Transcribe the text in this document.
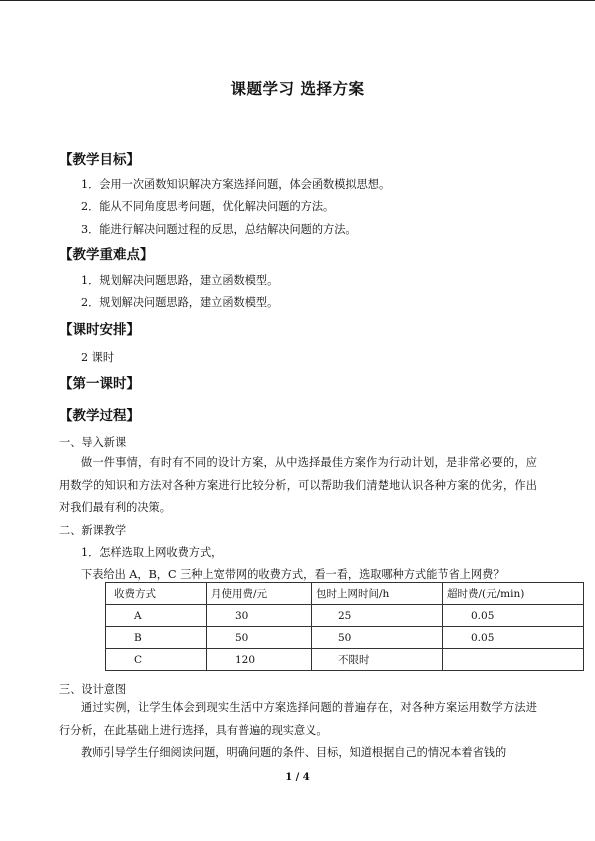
课题学习 选择方案
【教学目标】
1．会用一次函数知识解决方案选择问题，体会函数模拟思想。
2．能从不同角度思考问题，优化解决问题的方法。
3．能进行解决问题过程的反思，总结解决问题的方法。
【教学重难点】
1．规划解决问题思路，建立函数模型。
2．规划解决问题思路，建立函数模型。
【课时安排】
2 课时
【第一课时】
【教学过程】
一、导入新课
做一件事情，有时有不同的设计方案，从中选择最佳方案作为行动计划，是非常必要的，应用数学的知识和方法对各种方案进行比较分析，可以帮助我们清楚地认识各种方案的优劣，作出对我们最有利的决策。
二、新课教学
1．怎样选取上网收费方式，
下表给出 A，B，C 三种上宽带网的收费方式，看一看，选取哪种方式能节省上网费？
收费方式	月使用费/元	包时上网时间/h	超时费/(元/min)
A	30	25	0.05
B	50	50	0.05
C	120	不限时	
三、设计意图
通过实例，让学生体会到现实生活中方案选择问题的普遍存在，对各种方案运用数学方法进行分析，在此基础上进行选择，具有普遍的现实意义。
教师引导学生仔细阅读问题，明确问题的条件、目标，知道根据自己的情况本着省钱的
1 / 4
